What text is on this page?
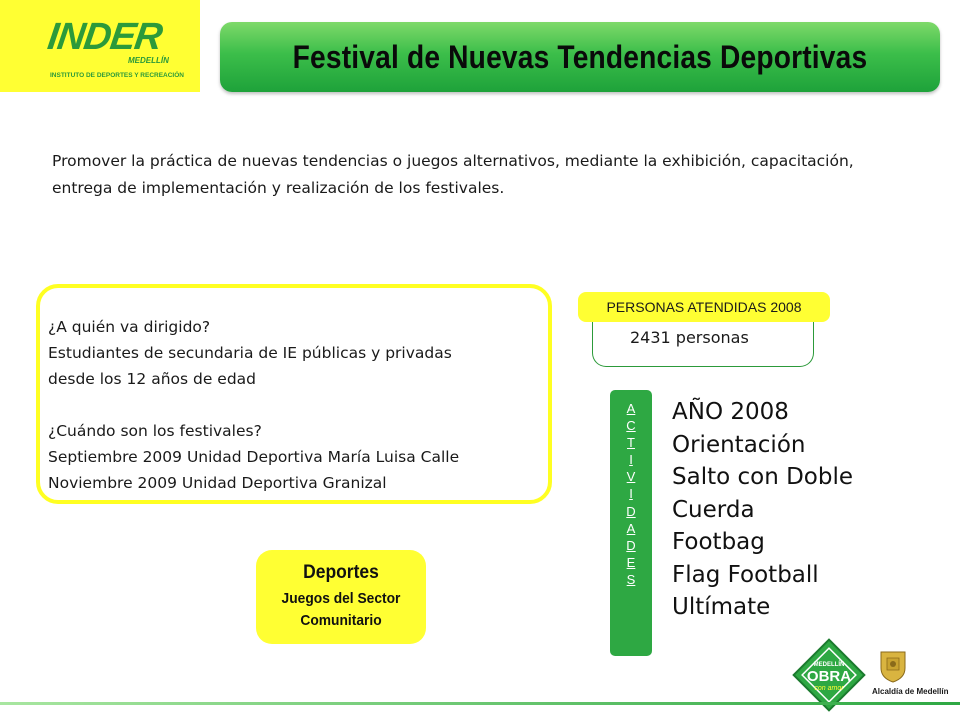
INDER
MEDELLÍN
INSTITUTO DE DEPORTES Y RECREACIÓN
Festival de Nuevas Tendencias Deportivas
Promover la práctica de nuevas tendencias o juegos alternativos, mediante la exhibición, capacitación, entrega de implementación y realización de los festivales.
¿A quién va dirigido?
Estudiantes de secundaria de IE públicas y privadas
desde los 12 años de edad
¿Cuándo son los festivales?
Septiembre 2009 Unidad Deportiva María Luisa Calle
Noviembre 2009 Unidad Deportiva Granizal
PERSONAS ATENDIDAS 2008
2431 personas
A
C
T
I
V
I
D
A
D
E
S
AÑO 2008
Orientación
Salto con Doble
Cuerda
Footbag
Flag Football
Ultímate
Deportes
Juegos del Sector
Comunitario
MEDELLÍN
OBRA
con amor	Alcaldía de Medellín
